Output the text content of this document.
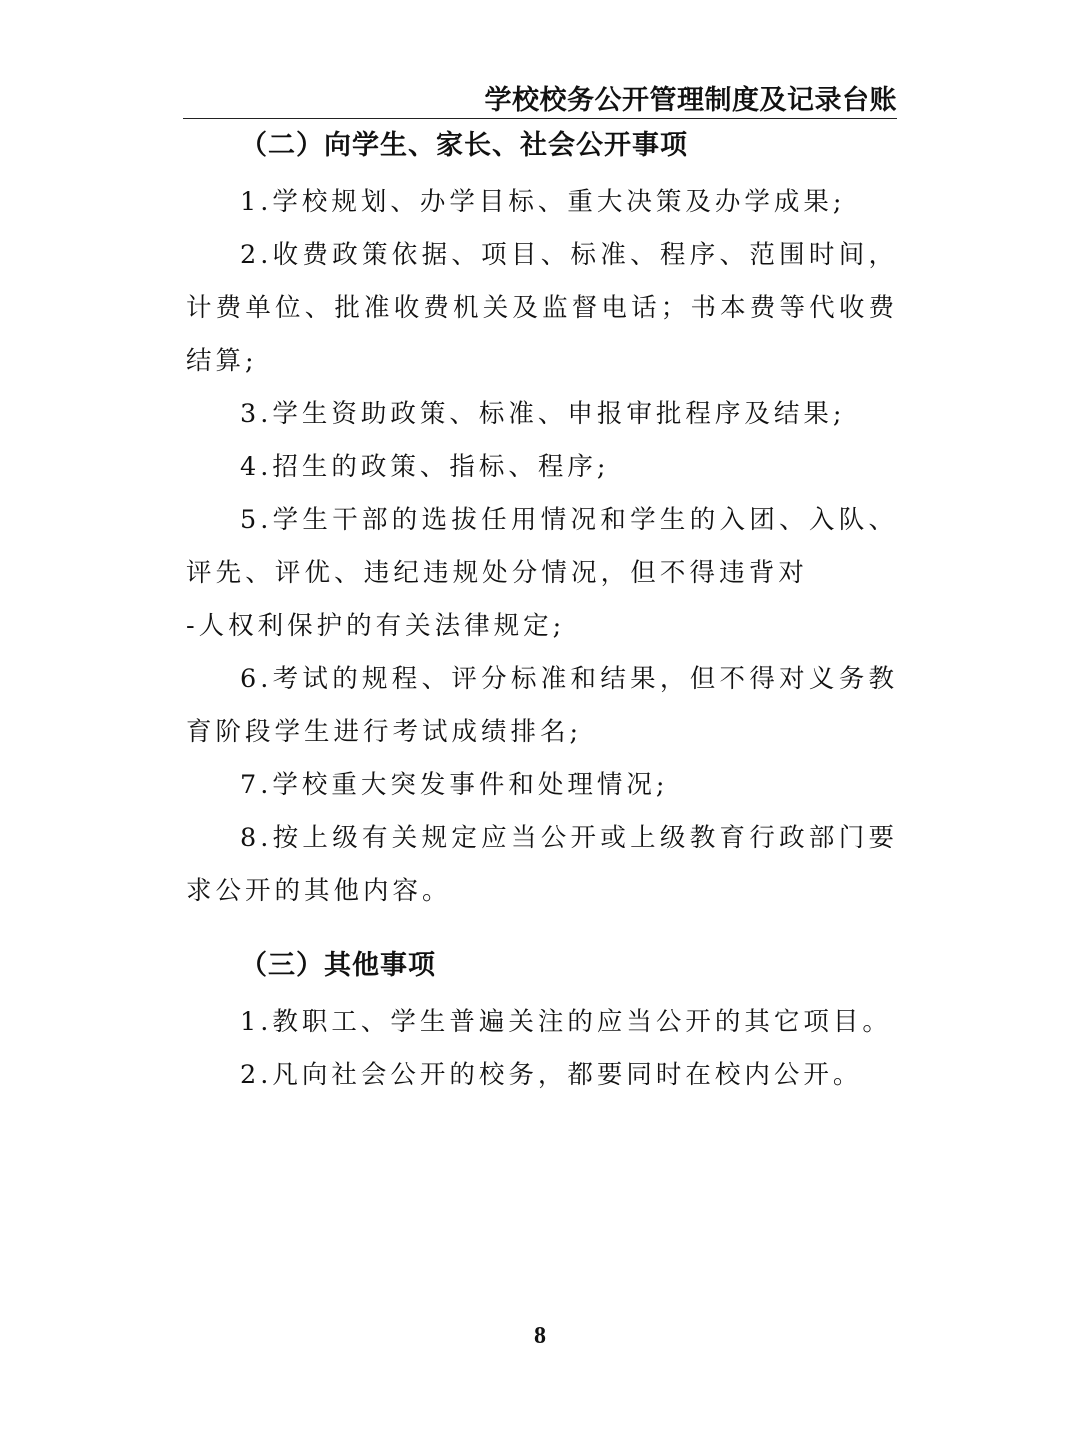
学校校务公开管理制度及记录台账
（二）向学生、家长、社会公开事项

1.学校规划、办学目标、重大决策及办学成果;

2.收费政策依据、项目、标准、程序、范围时间，计费单位、批准收费机关及监督电话；书本费等代收费结算;

3.学生资助政策、标准、申报审批程序及结果;

4.招生的政策、指标、程序;

5.学生干部的选拔任用情况和学生的入团、入队、评先、评优、违纪违规处分情况，但不得违背对-人权利保护的有关法律规定;

6.考试的规程、评分标准和结果，但不得对义务教育阶段学生进行考试成绩排名;

7.学校重大突发事件和处理情况;

8.按上级有关规定应当公开或上级教育行政部门要求公开的其他内容。

（三）其他事项

1.教职工、学生普遍关注的应当公开的其它项目。

2.凡向社会公开的校务，都要同时在校内公开。

8
